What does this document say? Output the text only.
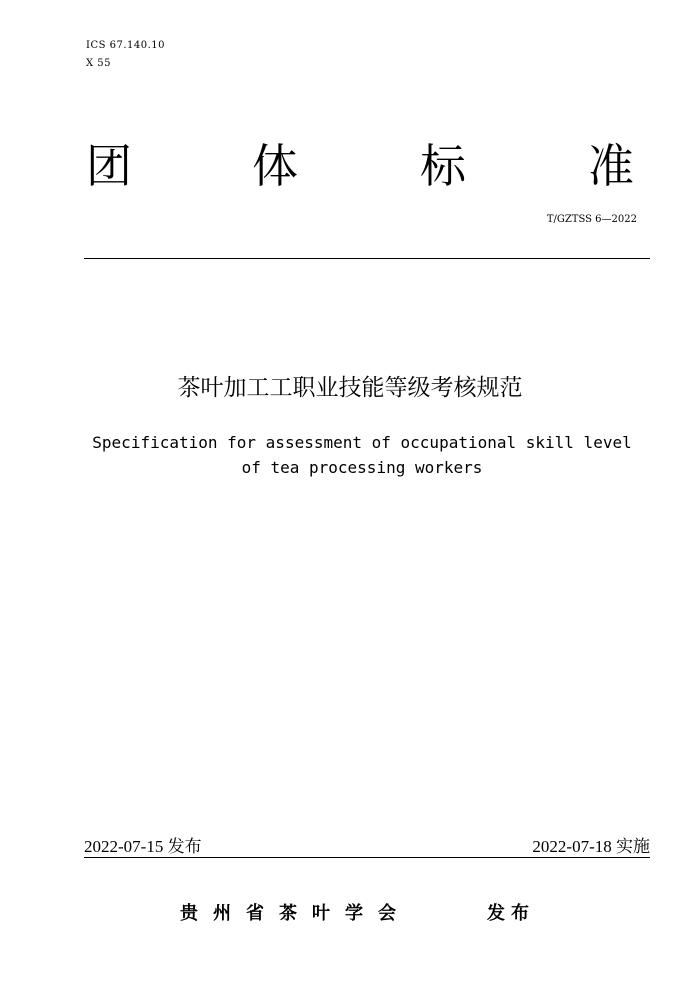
ICS 67.140.10
X 55
团	体	标	准
T/GZTSS 6—2022
茶叶加工工职业技能等级考核规范
Specification for assessment of occupational skill level
of tea processing workers
2022-07-15 发布	2022-07-18 实施
贵州省茶叶学会	发布
